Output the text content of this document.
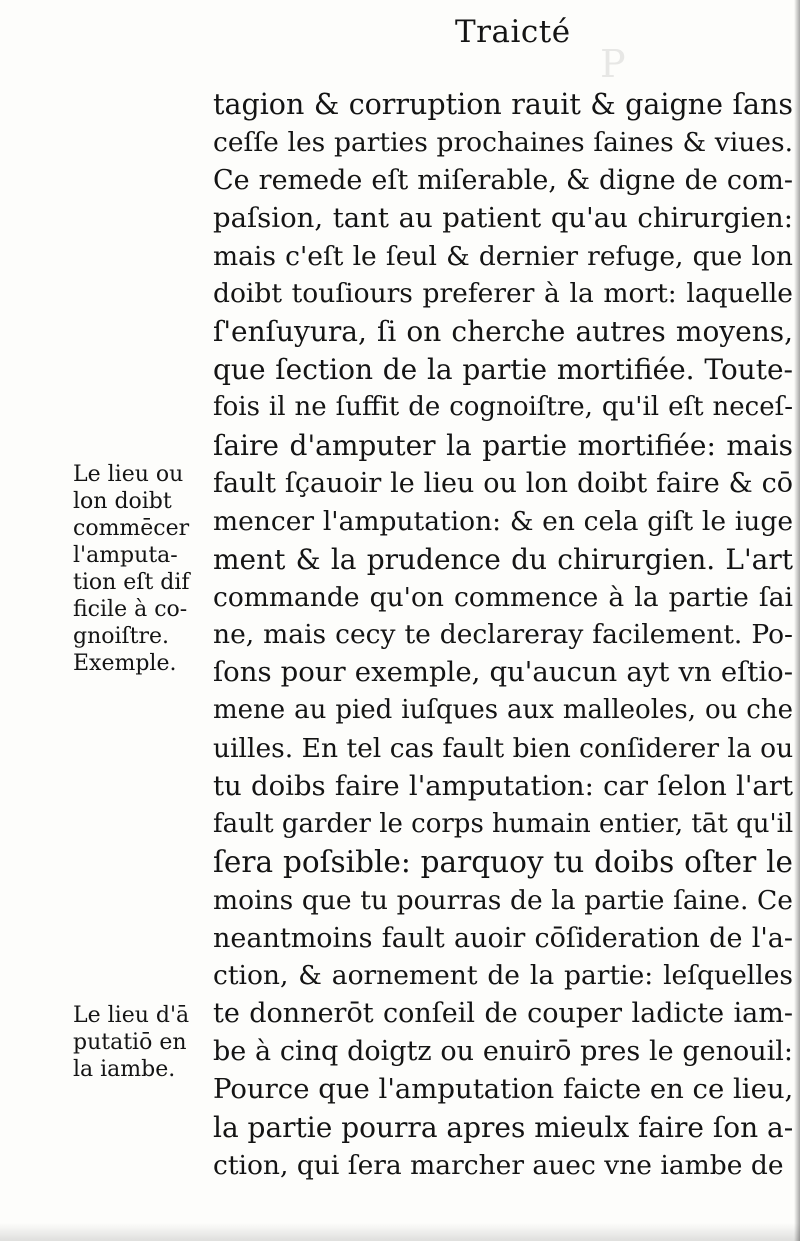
ꟼ
Traicté
tagion & corruption rauit & gaigne ſans
ceſſe les parties prochaines ſaines & viues.
Ce remede eſt miſerable, & digne de com-
paſsion, tant au patient qu'au chirurgien:
mais c'eſt le ſeul & dernier refuge, que lon
doibt touſiours preferer à la mort: laquelle
ſ'enſuyura, ſi on cherche autres moyens,
que ſection de la partie mortifiée. Toute-
fois il ne ſuffit de cognoiſtre, qu'il eſt neceſ-
ſaire d'amputer la partie mortifiée: mais
fault ſçauoir le lieu ou lon doibt faire & cō
mencer l'amputation: & en cela giſt le iuge
ment & la prudence du chirurgien. L'art
commande qu'on commence à la partie ſai
ne, mais cecy te declareray facilement. Po-
ſons pour exemple, qu'aucun ayt vn eſtio-
mene au pied iuſques aux malleoles, ou che
uilles. En tel cas fault bien conſiderer la ou
tu doibs faire l'amputation: car ſelon l'art
fault garder le corps humain entier, tāt qu'il
ſera poſsible: parquoy tu doibs oſter le
moins que tu pourras de la partie ſaine. Ce
neantmoins fault auoir cōſideration de l'a-
ction, & aornement de la partie: leſquelles
te donnerōt conſeil de couper ladicte iam-
be à cinq doigtz ou enuirō pres le genouil:
Pource que l'amputation faicte en ce lieu,
la partie pourra apres mieulx faire ſon a-
ction, qui ſera marcher auec vne iambe de
Le lieu ou
lon doibt
commēcer
l'amputa-
tion eſt dif
ficile à co-
gnoiſtre.
Exemple.
Le lieu d'ā
putatiō en
la iambe.
